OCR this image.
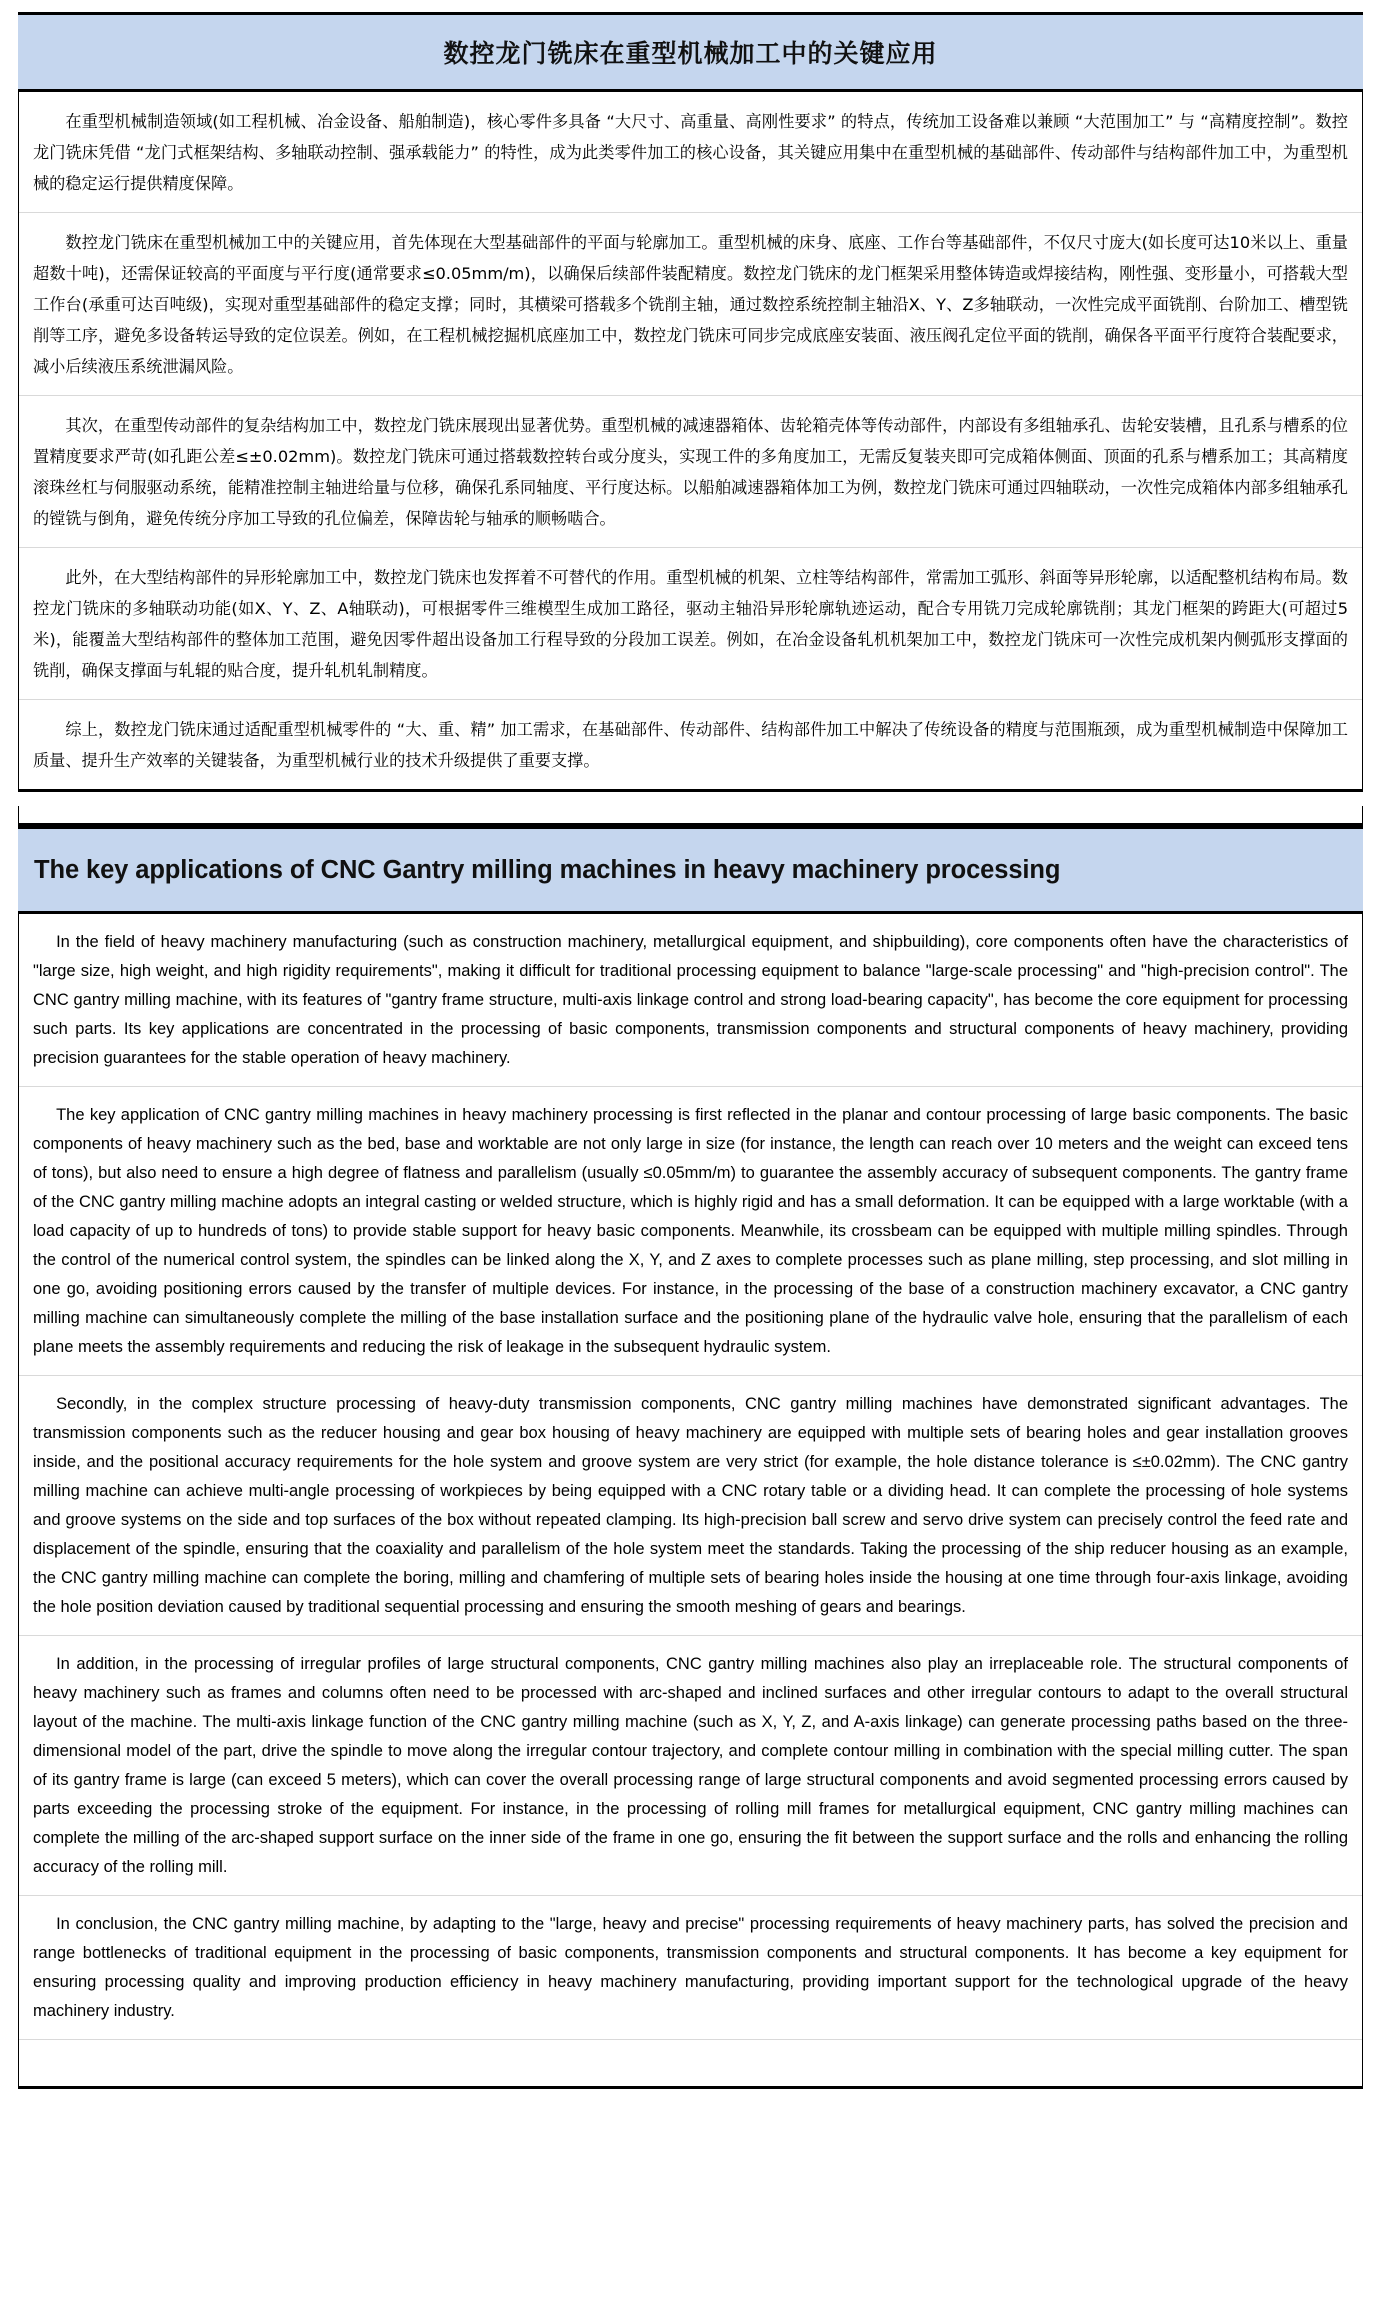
数控龙门铣床在重型机械加工中的关键应用
在重型机械制造领域(如工程机械、冶金设备、船舶制造)，核心零件多具备 “大尺寸、高重量、高刚性要求” 的特点，传统加工设备难以兼顾 “大范围加工” 与 “高精度控制”。数控龙门铣床凭借 “龙门式框架结构、多轴联动控制、强承载能力” 的特性，成为此类零件加工的核心设备，其关键应用集中在重型机械的基础部件、传动部件与结构部件加工中，为重型机械的稳定运行提供精度保障。
数控龙门铣床在重型机械加工中的关键应用，首先体现在大型基础部件的平面与轮廓加工。重型机械的床身、底座、工作台等基础部件，不仅尺寸庞大(如长度可达10米以上、重量超数十吨)，还需保证较高的平面度与平行度(通常要求≤0.05mm/m)，以确保后续部件装配精度。数控龙门铣床的龙门框架采用整体铸造或焊接结构，刚性强、变形量小，可搭载大型工作台(承重可达百吨级)，实现对重型基础部件的稳定支撑；同时，其横梁可搭载多个铣削主轴，通过数控系统控制主轴沿X、Y、Z多轴联动，一次性完成平面铣削、台阶加工、槽型铣削等工序，避免多设备转运导致的定位误差。例如，在工程机械挖掘机底座加工中，数控龙门铣床可同步完成底座安装面、液压阀孔定位平面的铣削，确保各平面平行度符合装配要求，减小后续液压系统泄漏风险。
其次，在重型传动部件的复杂结构加工中，数控龙门铣床展现出显著优势。重型机械的减速器箱体、齿轮箱壳体等传动部件，内部设有多组轴承孔、齿轮安装槽，且孔系与槽系的位置精度要求严苛(如孔距公差≤±0.02mm)。数控龙门铣床可通过搭载数控转台或分度头，实现工件的多角度加工，无需反复装夹即可完成箱体侧面、顶面的孔系与槽系加工；其高精度滚珠丝杠与伺服驱动系统，能精准控制主轴进给量与位移，确保孔系同轴度、平行度达标。以船舶减速器箱体加工为例，数控龙门铣床可通过四轴联动，一次性完成箱体内部多组轴承孔的镗铣与倒角，避免传统分序加工导致的孔位偏差，保障齿轮与轴承的顺畅啮合。
此外，在大型结构部件的异形轮廓加工中，数控龙门铣床也发挥着不可替代的作用。重型机械的机架、立柱等结构部件，常需加工弧形、斜面等异形轮廓，以适配整机结构布局。数控龙门铣床的多轴联动功能(如X、Y、Z、A轴联动)，可根据零件三维模型生成加工路径，驱动主轴沿异形轮廓轨迹运动，配合专用铣刀完成轮廓铣削；其龙门框架的跨距大(可超过5米)，能覆盖大型结构部件的整体加工范围，避免因零件超出设备加工行程导致的分段加工误差。例如，在冶金设备轧机机架加工中，数控龙门铣床可一次性完成机架内侧弧形支撑面的铣削，确保支撑面与轧辊的贴合度，提升轧机轧制精度。
综上，数控龙门铣床通过适配重型机械零件的 “大、重、精” 加工需求，在基础部件、传动部件、结构部件加工中解决了传统设备的精度与范围瓶颈，成为重型机械制造中保障加工质量、提升生产效率的关键装备，为重型机械行业的技术升级提供了重要支撑。
The key applications of CNC Gantry milling machines in heavy machinery processing
In the field of heavy machinery manufacturing (such as construction machinery, metallurgical equipment, and shipbuilding), core components often have the characteristics of "large size, high weight, and high rigidity requirements", making it difficult for traditional processing equipment to balance "large-scale processing" and "high-precision control". The CNC gantry milling machine, with its features of "gantry frame structure, multi-axis linkage control and strong load-bearing capacity", has become the core equipment for processing such parts. Its key applications are concentrated in the processing of basic components, transmission components and structural components of heavy machinery, providing precision guarantees for the stable operation of heavy machinery.
The key application of CNC gantry milling machines in heavy machinery processing is first reflected in the planar and contour processing of large basic components. The basic components of heavy machinery such as the bed, base and worktable are not only large in size (for instance, the length can reach over 10 meters and the weight can exceed tens of tons), but also need to ensure a high degree of flatness and parallelism (usually ≤0.05mm/m) to guarantee the assembly accuracy of subsequent components. The gantry frame of the CNC gantry milling machine adopts an integral casting or welded structure, which is highly rigid and has a small deformation. It can be equipped with a large worktable (with a load capacity of up to hundreds of tons) to provide stable support for heavy basic components. Meanwhile, its crossbeam can be equipped with multiple milling spindles. Through the control of the numerical control system, the spindles can be linked along the X, Y, and Z axes to complete processes such as plane milling, step processing, and slot milling in one go, avoiding positioning errors caused by the transfer of multiple devices. For instance, in the processing of the base of a construction machinery excavator, a CNC gantry milling machine can simultaneously complete the milling of the base installation surface and the positioning plane of the hydraulic valve hole, ensuring that the parallelism of each plane meets the assembly requirements and reducing the risk of leakage in the subsequent hydraulic system.
Secondly, in the complex structure processing of heavy-duty transmission components, CNC gantry milling machines have demonstrated significant advantages. The transmission components such as the reducer housing and gear box housing of heavy machinery are equipped with multiple sets of bearing holes and gear installation grooves inside, and the positional accuracy requirements for the hole system and groove system are very strict (for example, the hole distance tolerance is ≤±0.02mm). The CNC gantry milling machine can achieve multi-angle processing of workpieces by being equipped with a CNC rotary table or a dividing head. It can complete the processing of hole systems and groove systems on the side and top surfaces of the box without repeated clamping. Its high-precision ball screw and servo drive system can precisely control the feed rate and displacement of the spindle, ensuring that the coaxiality and parallelism of the hole system meet the standards. Taking the processing of the ship reducer housing as an example, the CNC gantry milling machine can complete the boring, milling and chamfering of multiple sets of bearing holes inside the housing at one time through four-axis linkage, avoiding the hole position deviation caused by traditional sequential processing and ensuring the smooth meshing of gears and bearings.
In addition, in the processing of irregular profiles of large structural components, CNC gantry milling machines also play an irreplaceable role. The structural components of heavy machinery such as frames and columns often need to be processed with arc-shaped and inclined surfaces and other irregular contours to adapt to the overall structural layout of the machine. The multi-axis linkage function of the CNC gantry milling machine (such as X, Y, Z, and A-axis linkage) can generate processing paths based on the three-dimensional model of the part, drive the spindle to move along the irregular contour trajectory, and complete contour milling in combination with the special milling cutter. The span of its gantry frame is large (can exceed 5 meters), which can cover the overall processing range of large structural components and avoid segmented processing errors caused by parts exceeding the processing stroke of the equipment. For instance, in the processing of rolling mill frames for metallurgical equipment, CNC gantry milling machines can complete the milling of the arc-shaped support surface on the inner side of the frame in one go, ensuring the fit between the support surface and the rolls and enhancing the rolling accuracy of the rolling mill.
In conclusion, the CNC gantry milling machine, by adapting to the "large, heavy and precise" processing requirements of heavy machinery parts, has solved the precision and range bottlenecks of traditional equipment in the processing of basic components, transmission components and structural components. It has become a key equipment for ensuring processing quality and improving production efficiency in heavy machinery manufacturing, providing important support for the technological upgrade of the heavy machinery industry.
